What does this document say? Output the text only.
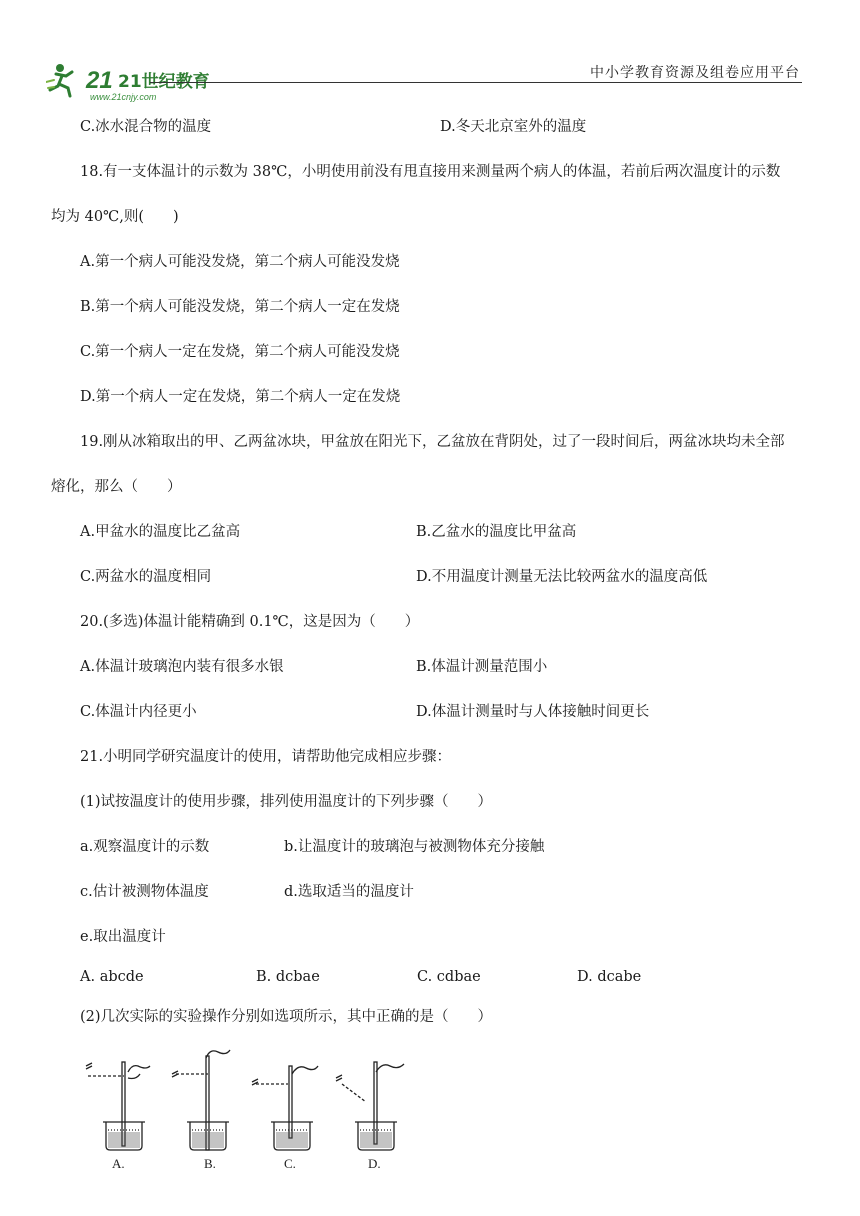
21 21世纪教育
www.21cnjy.com
中小学教育资源及组卷应用平台
C.冰水混合物的温度	D.冬天北京室外的温度
18.有一支体温计的示数为 38℃，小明使用前没有甩直接用来测量两个病人的体温，若前后两次温度计的示数
均为 40℃,则(　　)
A.第一个病人可能没发烧，第二个病人可能没发烧
B.第一个病人可能没发烧，第二个病人一定在发烧
C.第一个病人一定在发烧，第二个病人可能没发烧
D.第一个病人一定在发烧，第二个病人一定在发烧
19.刚从冰箱取出的甲、乙两盆冰块，甲盆放在阳光下，乙盆放在背阴处，过了一段时间后，两盆冰块均未全部
熔化，那么（　　）
A.甲盆水的温度比乙盆高	B.乙盆水的温度比甲盆高
C.两盆水的温度相同	D.不用温度计测量无法比较两盆水的温度高低
20.(多选)体温计能精确到 0.1℃，这是因为（　　）
A.体温计玻璃泡内装有很多水银	B.体温计测量范围小
C.体温计内径更小	D.体温计测量时与人体接触时间更长
21.小明同学研究温度计的使用，请帮助他完成相应步骤：
(1)试按温度计的使用步骤，排列使用温度计的下列步骤（　　）
a.观察温度计的示数	b.让温度计的玻璃泡与被测物体充分接触
c.估计被测物体温度	d.选取适当的温度计
e.取出温度计
A. abcde	B. dcbae	C. cdbae	D. dcabe
(2)几次实际的实验操作分别如选项所示，其中正确的是（　　）
A.	B.	C.	D.
